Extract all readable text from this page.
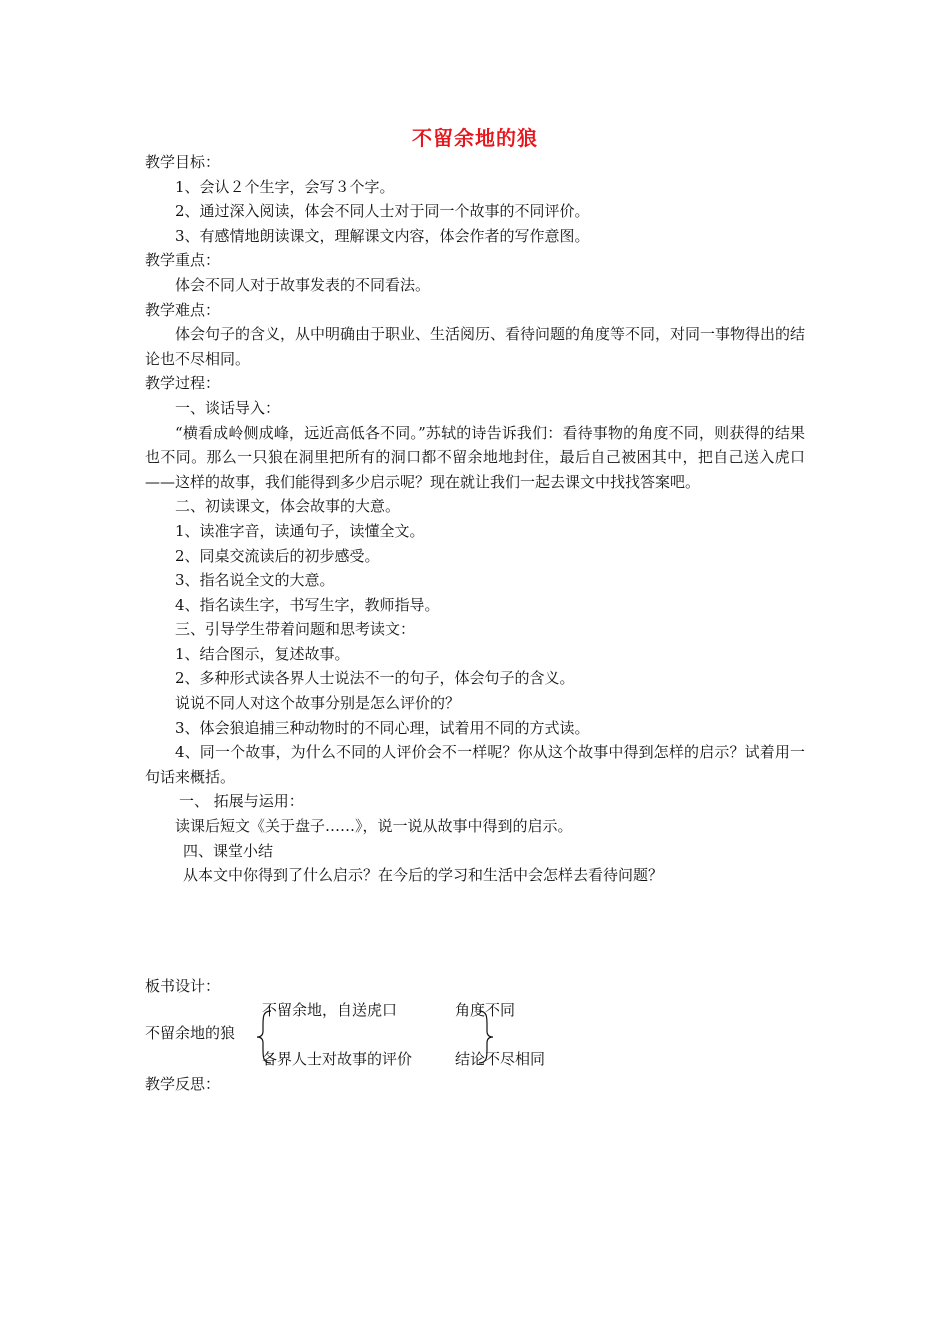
不留余地的狼
教学目标：
1、会认２个生字，会写３个字。
2、通过深入阅读，体会不同人士对于同一个故事的不同评价。
3、有感情地朗读课文，理解课文内容，体会作者的写作意图。
教学重点：
体会不同人对于故事发表的不同看法。
教学难点：
体会句子的含义，从中明确由于职业、生活阅历、看待问题的角度等不同，对同一事物得出的结论也不尽相同。
教学过程：
一、谈话导入：
“横看成岭侧成峰，远近高低各不同。”苏轼的诗告诉我们：看待事物的角度不同，则获得的结果也不同。那么一只狼在洞里把所有的洞口都不留余地地封住，最后自己被困其中，把自己送入虎口——这样的故事，我们能得到多少启示呢？现在就让我们一起去课文中找找答案吧。
二、初读课文，体会故事的大意。
1、读准字音，读通句子，读懂全文。
2、同桌交流读后的初步感受。
3、指名说全文的大意。
4、指名读生字，书写生字，教师指导。
三、引导学生带着问题和思考读文：
1、结合图示，复述故事。
2、多种形式读各界人士说法不一的句子，体会句子的含义。
说说不同人对这个故事分别是怎么评价的？
3、体会狼追捕三种动物时的不同心理，试着用不同的方式读。
4、同一个故事，为什么不同的人评价会不一样呢？你从这个故事中得到怎样的启示？试着用一句话来概括。
一、 拓展与运用：
读课后短文《关于盘子……》，说一说从故事中得到的启示。
四、课堂小结
从本文中你得到了什么启示？在今后的学习和生活中会怎样去看待问题？
板书设计：
不留余地的狼
不留余地，自送虎口
各界人士对故事的评价
角度不同
结论不尽相同
教学反思：
